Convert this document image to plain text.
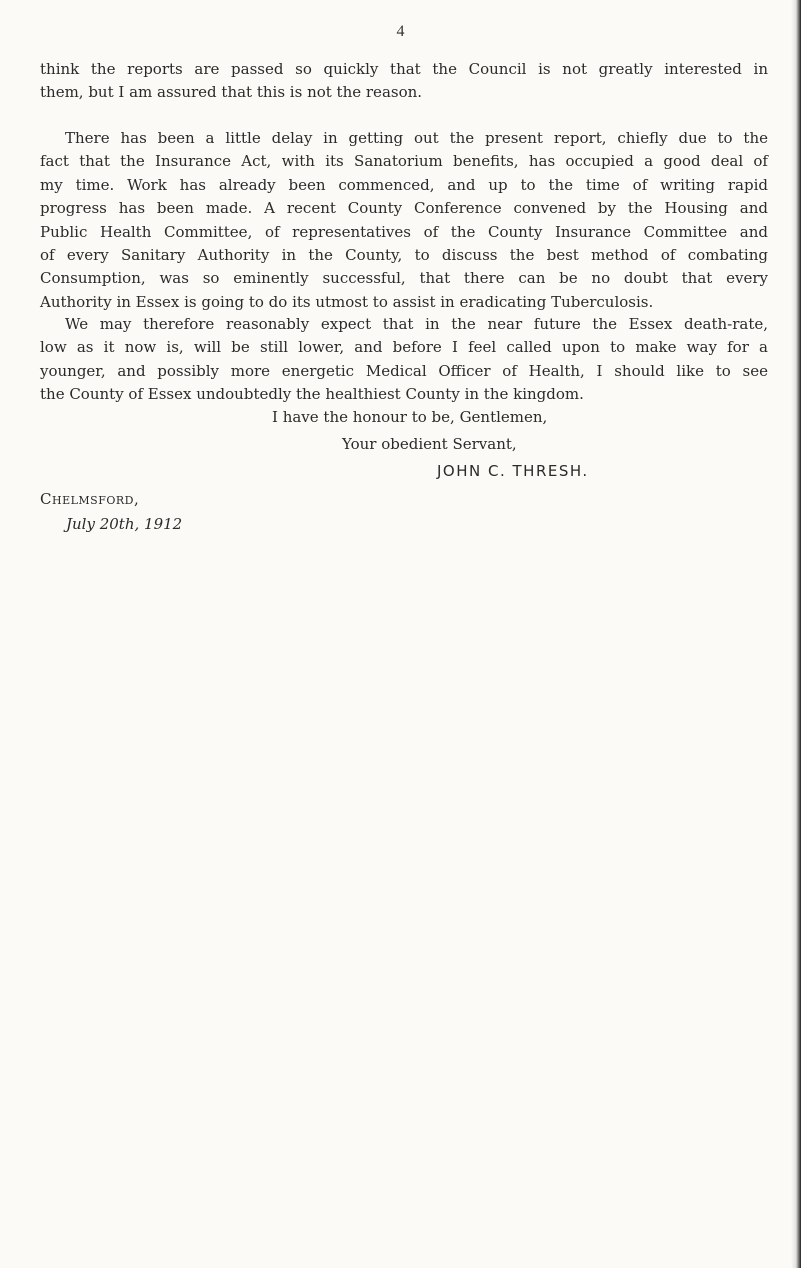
4

think the reports are passed so quickly that the Council is not greatly interested in
them, but I am assured that this is not the reason.

There has been a little delay in getting out the present report, chiefly due to the
fact that the Insurance Act, with its Sanatorium benefits, has occupied a good deal of
my time. Work has already been commenced, and up to the time of writing rapid
progress has been made. A recent County Conference convened by the Housing and
Public Health Committee, of representatives of the County Insurance Committee and
of every Sanitary Authority in the County, to discuss the best method of combating
Consumption, was so eminently successful, that there can be no doubt that every
Authority in Essex is going to do its utmost to assist in eradicating Tuberculosis.

We may therefore reasonably expect that in the near future the Essex death-rate,
low as it now is, will be still lower, and before I feel called upon to make way for a
younger, and possibly more energetic Medical Officer of Health, I should like to see
the County of Essex undoubtedly the healthiest County in the kingdom.

I have the honour to be, Gentlemen,
Your obedient Servant,
JOHN C. THRESH.
Chelmsford,
July 20th, 1912
